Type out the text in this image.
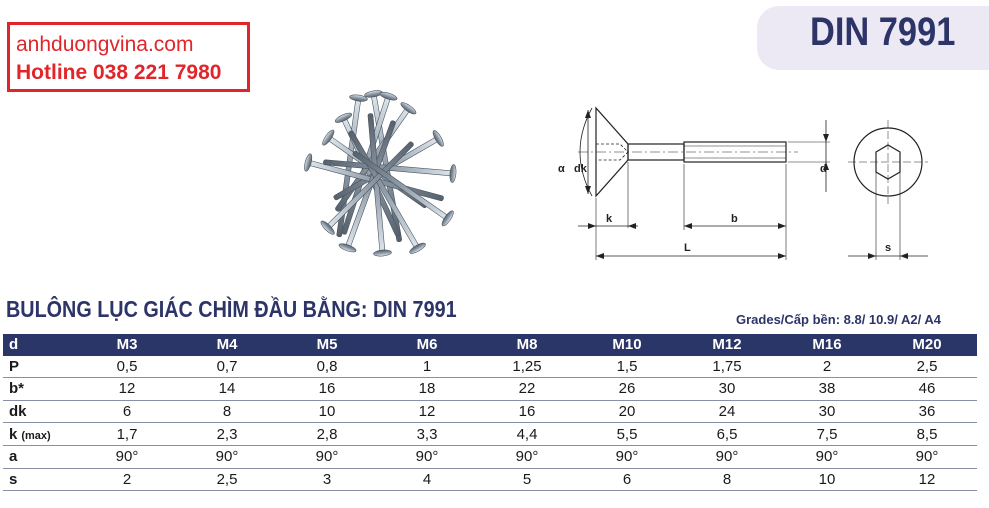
anhduongvina.com
Hotline 038 221 7980
DIN 7991
α dk
k	b
L
d
s
BULÔNG LỤC GIÁC CHÌM ĐẦU BẰNG: DIN 7991	Grades/Cấp bền: 8.8/ 10.9/ A2/ A4
d	M3	M4	M5	M6	M8	M10	M12	M16	M20
P	0,5	0,7	0,8	1	1,25	1,5	1,75	2	2,5
b*	12	14	16	18	22	26	30	38	46
dk	6	8	10	12	16	20	24	30	36
k (max)	1,7	2,3	2,8	3,3	4,4	5,5	6,5	7,5	8,5
a	90°	90°	90°	90°	90°	90°	90°	90°	90°
s	2	2,5	3	4	5	6	8	10	12
